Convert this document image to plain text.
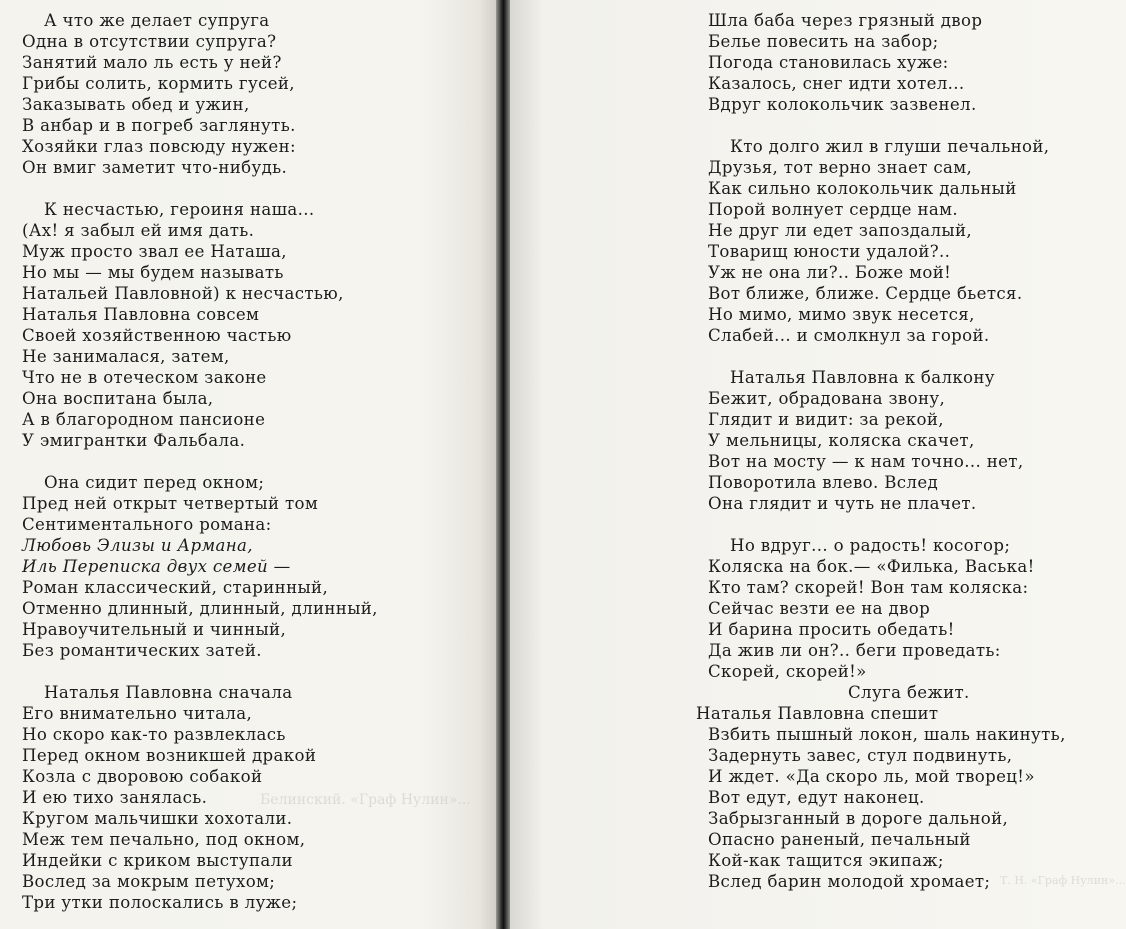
Белинский. «Граф Нулин»...
Т. Н. «Граф Нулин»...
А что же делает супруга
Одна в отсутствии супруга?
Занятий мало ль есть у ней?
Грибы солить, кормить гусей,
Заказывать обед и ужин,
В анбар и в погреб заглянуть.
Хозяйки глаз повсюду нужен:
Он вмиг заметит что-нибудь.
К несчастью, героиня наша...
(Ах! я забыл ей имя дать.
Муж просто звал ее Наташа,
Но мы — мы будем называть
Натальей Павловной) к несчастью,
Наталья Павловна совсем
Своей хозяйственною частью
Не занималася, затем,
Что не в отеческом законе
Она воспитана была,
А в благородном пансионе
У эмигрантки Фальбала.
Она сидит перед окном;
Пред ней открыт четвертый том
Сентиментального романа:
Любовь Элизы и Армана,
Иль Переписка двух семей —
Роман классический, старинный,
Отменно длинный, длинный, длинный,
Нравоучительный и чинный,
Без романтических затей.
Наталья Павловна сначала
Его внимательно читала,
Но скоро как-то развлеклась
Перед окном возникшей дракой
Козла с дворовою собакой
И ею тихо занялась.
Кругом мальчишки хохотали.
Меж тем печально, под окном,
Индейки с криком выступали
Вослед за мокрым петухом;
Три утки полоскались в луже;
Шла баба через грязный двор
Белье повесить на забор;
Погода становилась хуже:
Казалось, снег идти хотел...
Вдруг колокольчик зазвенел.
Кто долго жил в глуши печальной,
Друзья, тот верно знает сам,
Как сильно колокольчик дальный
Порой волнует сердце нам.
Не друг ли едет запоздалый,
Товарищ юности удалой?..
Уж не она ли?.. Боже мой!
Вот ближе, ближе. Сердце бьется.
Но мимо, мимо звук несется,
Слабей... и смолкнул за горой.
Наталья Павловна к балкону
Бежит, обрадована звону,
Глядит и видит: за рекой,
У мельницы, коляска скачет,
Вот на мосту — к нам точно... нет,
Поворотила влево. Вслед
Она глядит и чуть не плачет.
Но вдруг... о радость! косогор;
Коляска на бок.— «Филька, Васька!
Кто там? скорей! Вон там коляска:
Сейчас везти ее на двор
И барина просить обедать!
Да жив ли он?.. беги проведать:
Скорей, скорей!»
Слуга бежит.
Наталья Павловна спешит
Взбить пышный локон, шаль накинуть,
Задернуть завес, стул подвинуть,
И ждет. «Да скоро ль, мой творец!»
Вот едут, едут наконец.
Забрызганный в дороге дальной,
Опасно раненый, печальный
Кой-как тащится экипаж;
Вслед барин молодой хромает;
